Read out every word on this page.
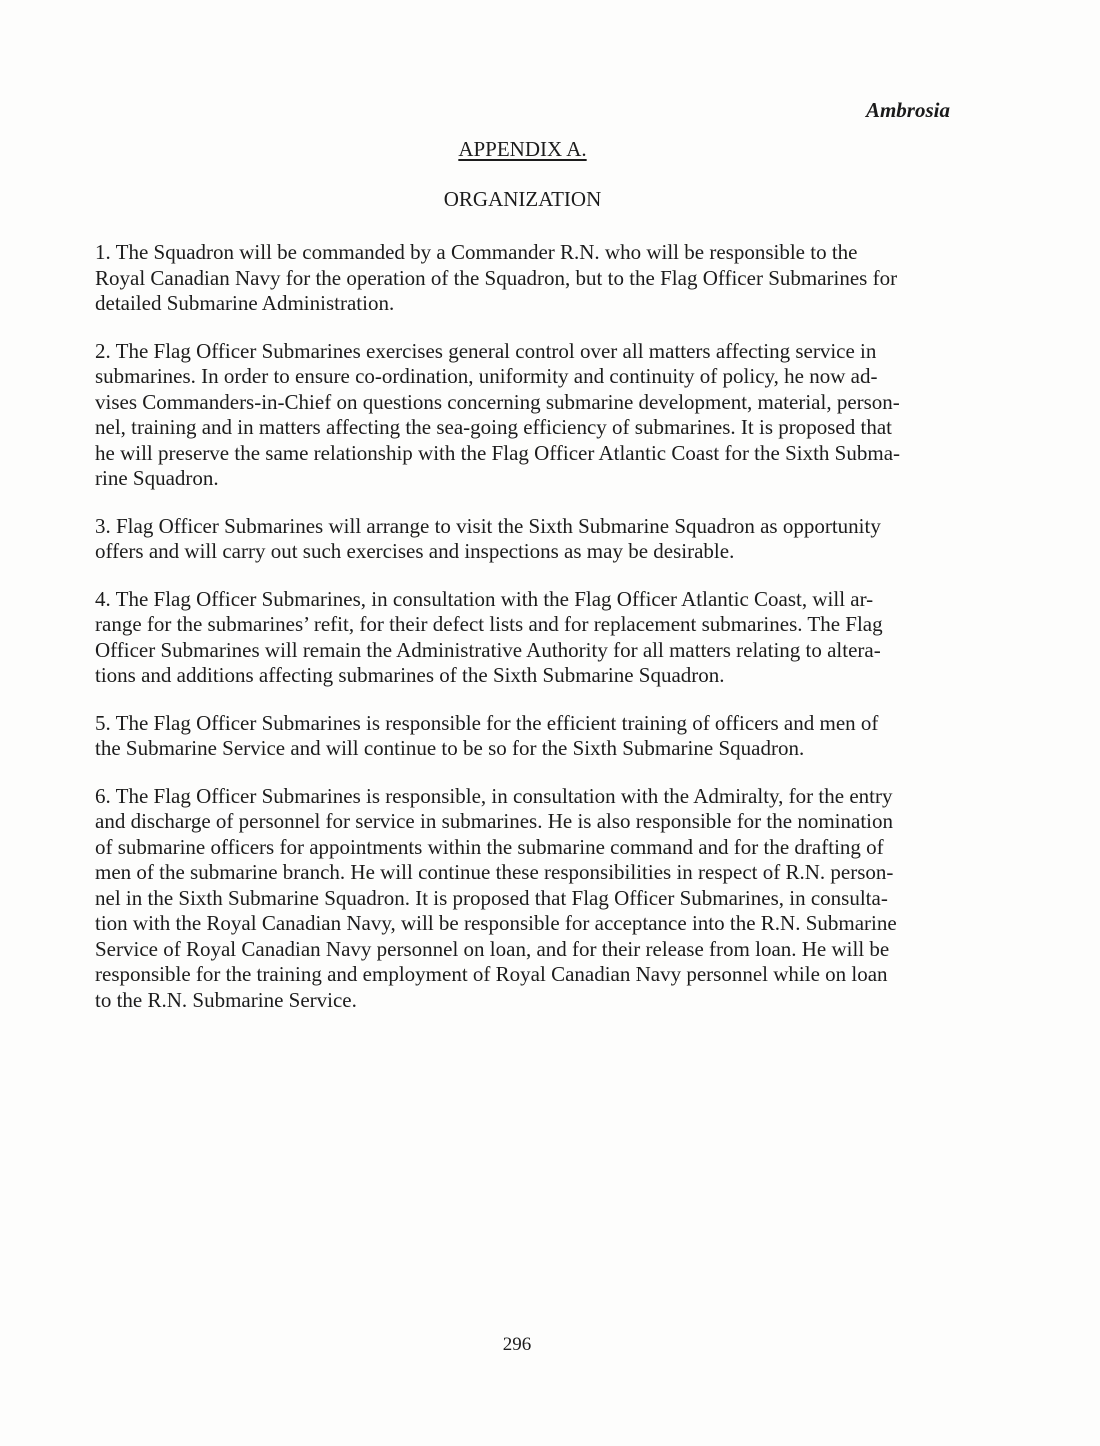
Ambrosia
APPENDIX A.
ORGANIZATION

1. The Squadron will be commanded by a Commander R.N. who will be responsible to the
Royal Canadian Navy for the operation of the Squadron, but to the Flag Officer Submarines for
detailed Submarine Administration.

2. The Flag Officer Submarines exercises general control over all matters affecting service in
submarines. In order to ensure co-ordination, uniformity and continuity of policy, he now ad-
vises Commanders-in-Chief on questions concerning submarine development, material, person-
nel, training and in matters affecting the sea-going efficiency of submarines. It is proposed that
he will preserve the same relationship with the Flag Officer Atlantic Coast for the Sixth Subma-
rine Squadron.

3. Flag Officer Submarines will arrange to visit the Sixth Submarine Squadron as opportunity
offers and will carry out such exercises and inspections as may be desirable.

4. The Flag Officer Submarines, in consultation with the Flag Officer Atlantic Coast, will ar-
range for the submarines’ refit, for their defect lists and for replacement submarines. The Flag
Officer Submarines will remain the Administrative Authority for all matters relating to altera-
tions and additions affecting submarines of the Sixth Submarine Squadron.

5. The Flag Officer Submarines is responsible for the efficient training of officers and men of
the Submarine Service and will continue to be so for the Sixth Submarine Squadron.

6. The Flag Officer Submarines is responsible, in consultation with the Admiralty, for the entry
and discharge of personnel for service in submarines. He is also responsible for the nomination
of submarine officers for appointments within the submarine command and for the drafting of
men of the submarine branch. He will continue these responsibilities in respect of R.N. person-
nel in the Sixth Submarine Squadron. It is proposed that Flag Officer Submarines, in consulta-
tion with the Royal Canadian Navy, will be responsible for acceptance into the R.N. Submarine
Service of Royal Canadian Navy personnel on loan, and for their release from loan. He will be
responsible for the training and employment of Royal Canadian Navy personnel while on loan
to the R.N. Submarine Service.

296
